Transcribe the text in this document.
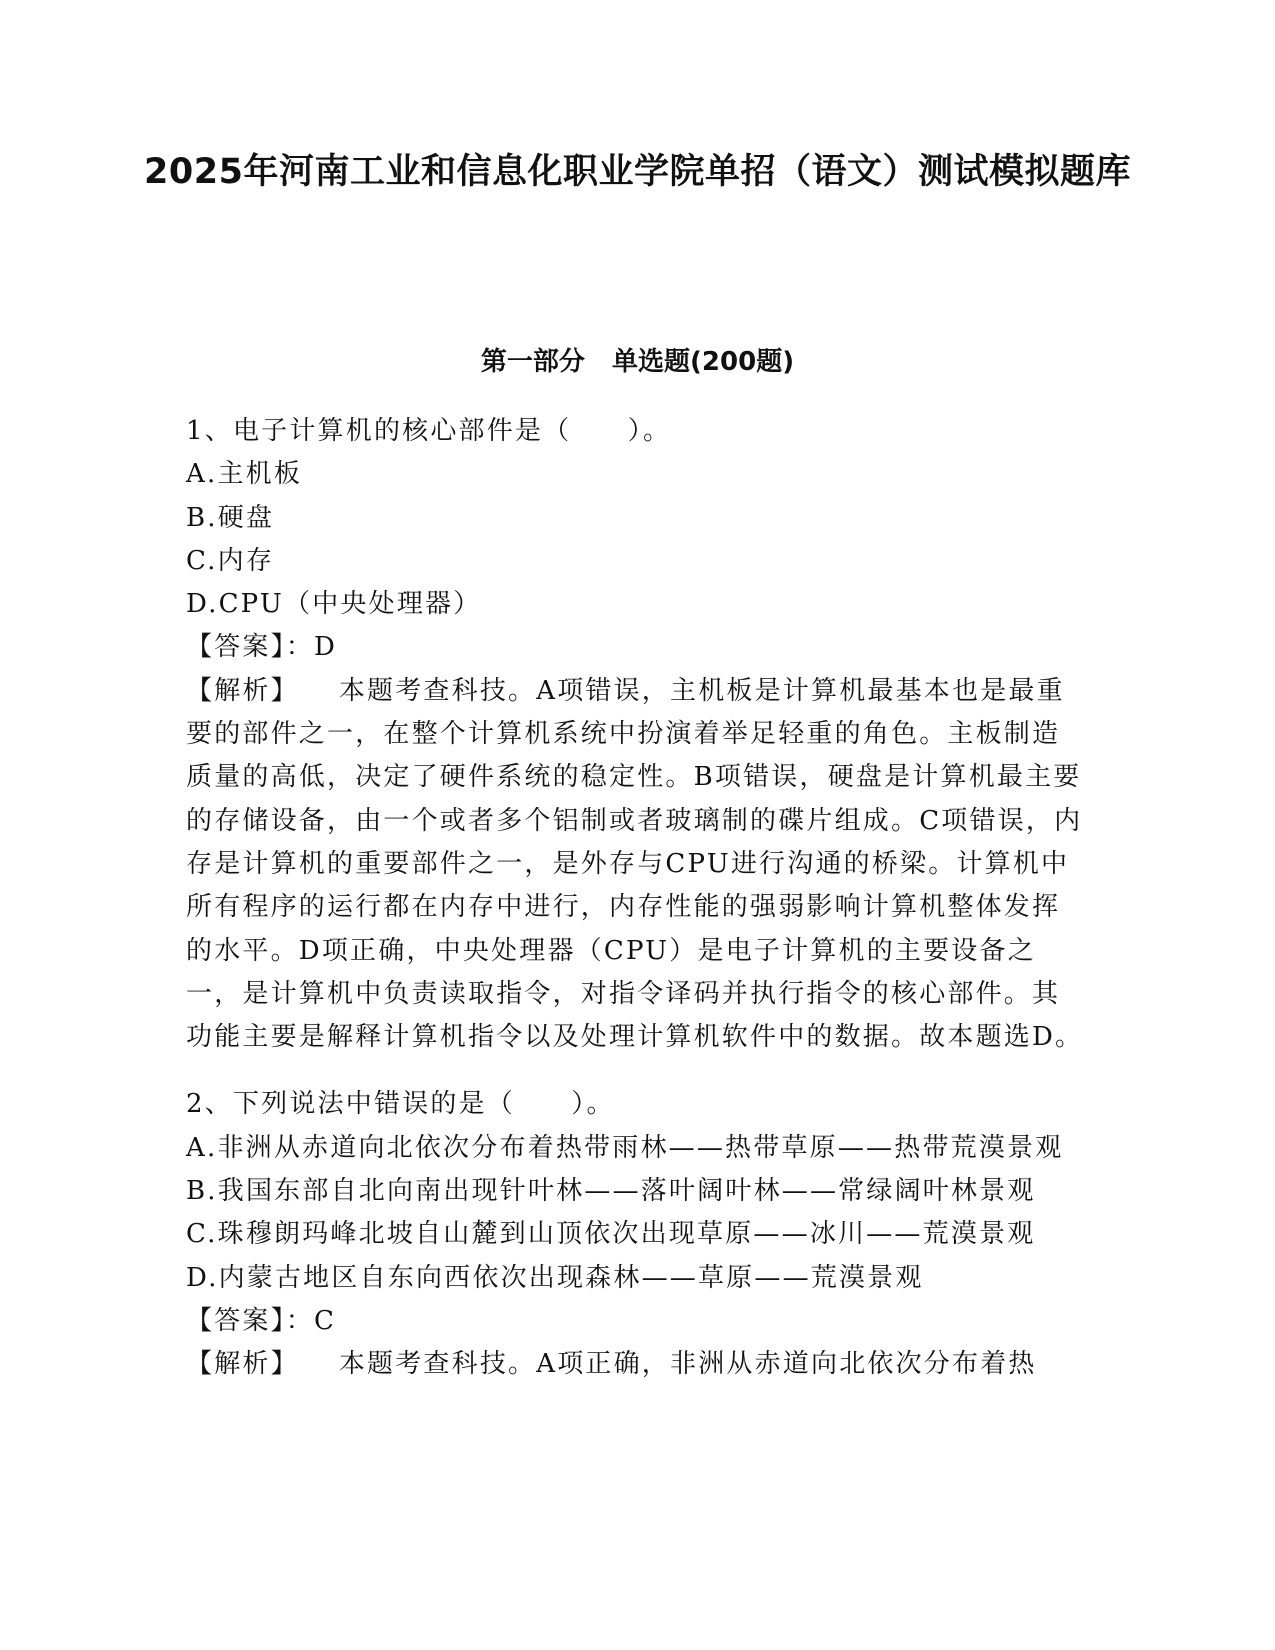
2025年河南工业和信息化职业学院单招（语文）测试模拟题库
第一部分   单选题(200题)

1、电子计算机的核心部件是（　　）。

A.主机板

B.硬盘

C.内存

D.CPU（中央处理器）

【答案】：D

【解析】 本题考查科技。A项错误，主机板是计算机最基本也是最重要的部件之一，在整个计算机系统中扮演着举足轻重的角色。主板制造质量的高低，决定了硬件系统的稳定性。B项错误，硬盘是计算机最主要的存储设备，由一个或者多个铝制或者玻璃制的碟片组成。C项错误，内存是计算机的重要部件之一，是外存与CPU进行沟通的桥梁。计算机中所有程序的运行都在内存中进行，内存性能的强弱影响计算机整体发挥的水平。D项正确，中央处理器（CPU）是电子计算机的主要设备之一，是计算机中负责读取指令，对指令译码并执行指令的核心部件。其功能主要是解释计算机指令以及处理计算机软件中的数据。故本题选D。

2、下列说法中错误的是（　　）。

A.非洲从赤道向北依次分布着热带雨林——热带草原——热带荒漠景观

B.我国东部自北向南出现针叶林——落叶阔叶林——常绿阔叶林景观

C.珠穆朗玛峰北坡自山麓到山顶依次出现草原——冰川——荒漠景观

D.内蒙古地区自东向西依次出现森林——草原——荒漠景观

【答案】：C

【解析】 本题考查科技。A项正确，非洲从赤道向北依次分布着热
